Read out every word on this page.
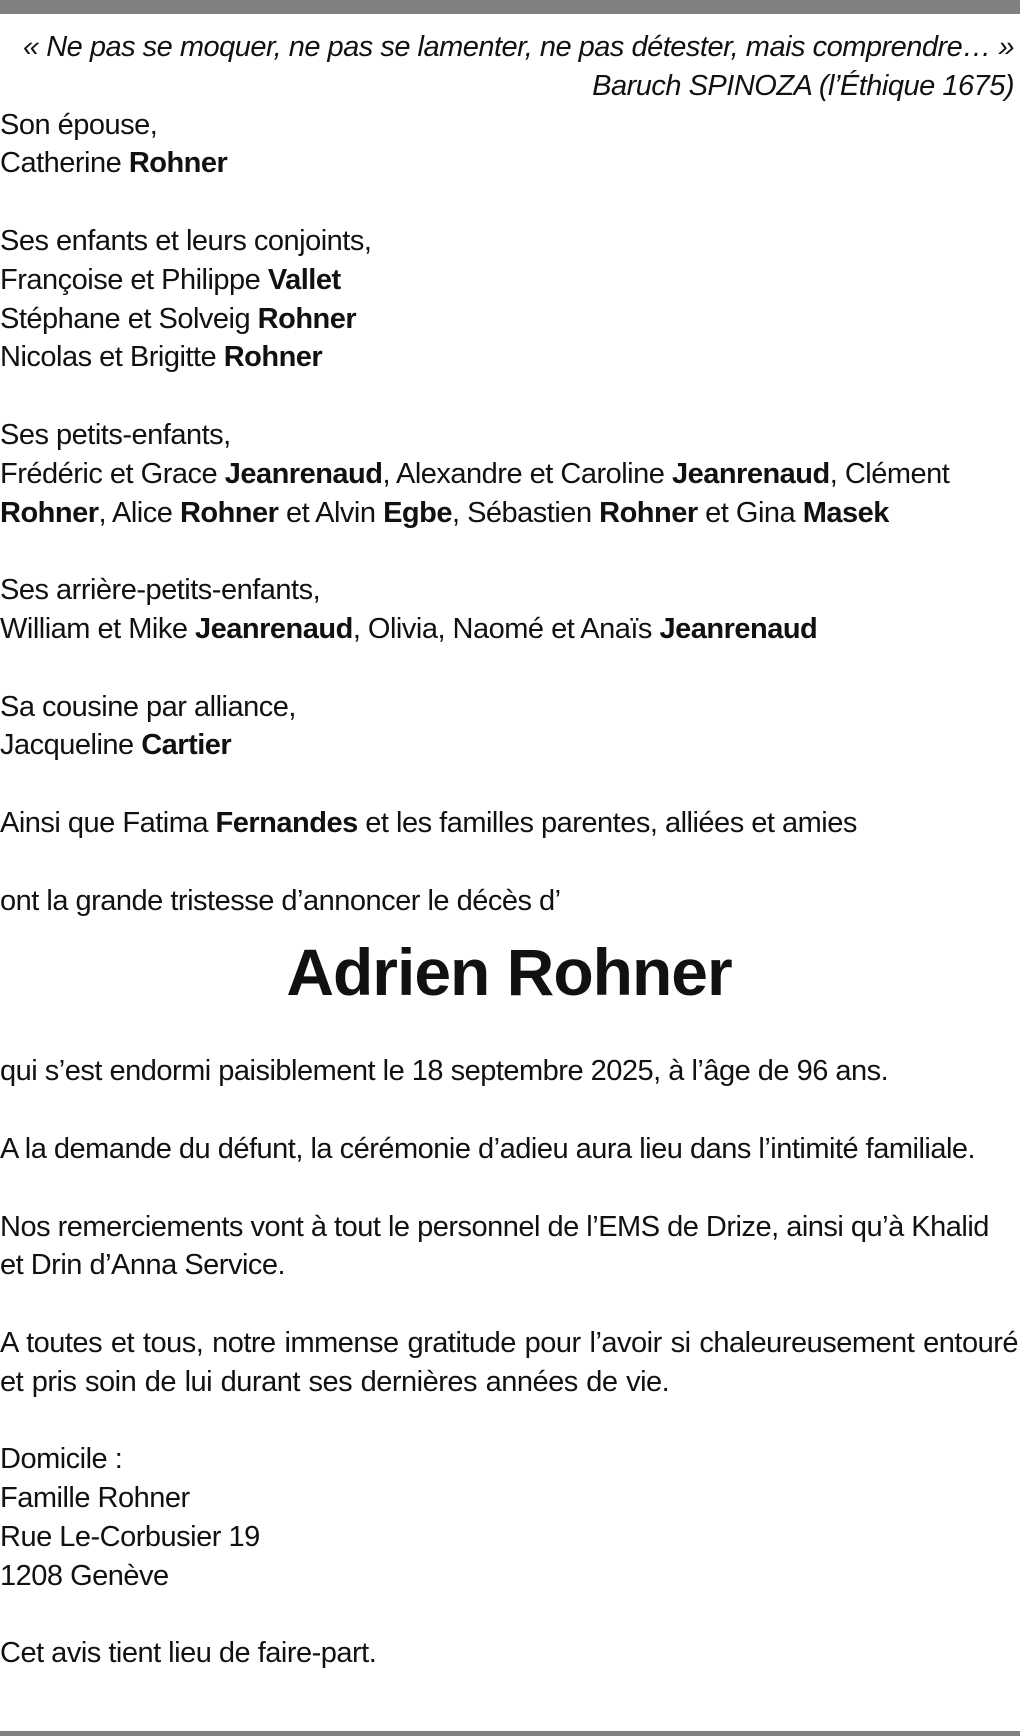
« Ne pas se moquer, ne pas se lamenter, ne pas détester, mais comprendre… »
Baruch SPINOZA (l’Éthique 1675)
Son épouse,
Catherine Rohner
Ses enfants et leurs conjoints,
Françoise et Philippe Vallet
Stéphane et Solveig Rohner
Nicolas et Brigitte Rohner
Ses petits-enfants,
Frédéric et Grace Jeanrenaud, Alexandre et Caroline Jeanrenaud, Clément
Rohner, Alice Rohner et Alvin Egbe, Sébastien Rohner et Gina Masek
Ses arrière-petits-enfants,
William et Mike Jeanrenaud, Olivia, Naomé et Anaïs Jeanrenaud
Sa cousine par alliance,
Jacqueline Cartier
Ainsi que Fatima Fernandes et les familles parentes, alliées et amies
ont la grande tristesse d’annoncer le décès d’
Adrien Rohner
qui s’est endormi paisiblement le 18 septembre 2025, à l’âge de 96 ans.
A la demande du défunt, la cérémonie d’adieu aura lieu dans l’intimité familiale.
Nos remerciements vont à tout le personnel de l’EMS de Drize, ainsi qu’à Khalid
et Drin d’Anna Service.
A toutes et tous, notre immense gratitude pour l’avoir si chaleureusement entouré et pris soin de lui durant ses dernières années de vie.
Domicile :
Famille Rohner
Rue Le-Corbusier 19
1208 Genève
Cet avis tient lieu de faire-part.
